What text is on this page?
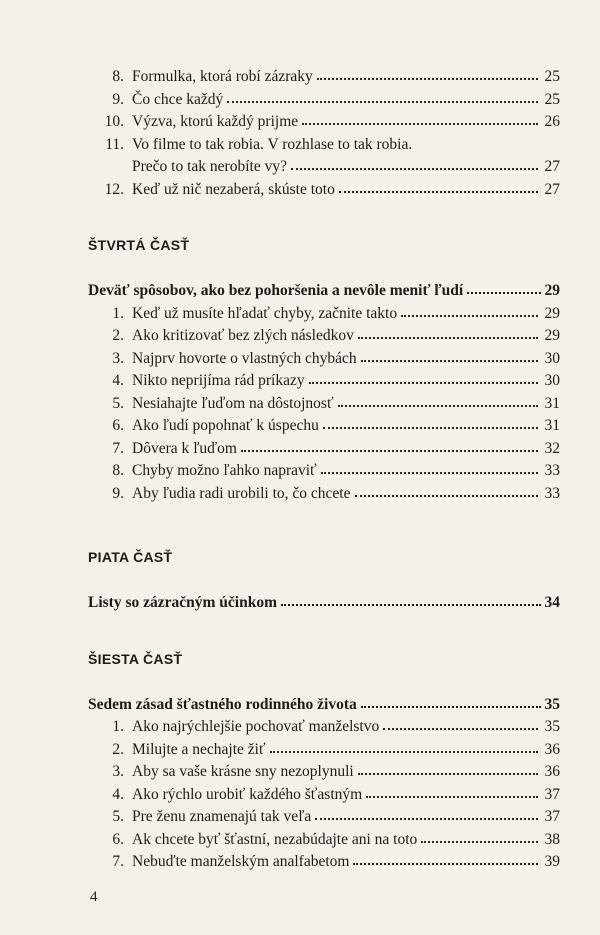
8. Formulka, ktorá robí zázraky	25
9. Čo chce každý	25
10. Výzva, ktorú každý prijme	26
11. Vo filme to tak robia. V rozhlase to tak robia.
Prečo to tak nerobíte vy?	27
12. Keď už nič nezaberá, skúste toto	27
ŠTVRTÁ ČASŤ
Deväť spôsobov, ako bez pohoršenia a nevôle meniť ľudí	29
1. Keď už musíte hľadať chyby, začnite takto	29
2. Ako kritizovať bez zlých následkov	29
3. Najprv hovorte o vlastných chybách	30
4. Nikto neprijíma rád príkazy	30
5. Nesiahajte ľuďom na dôstojnosť	31
6. Ako ľudí popohnať k úspechu	31
7. Dôvera k ľuďom	32
8. Chyby možno ľahko napraviť	33
9. Aby ľudia radi urobili to, čo chcete	33
PIATA ČASŤ
Listy so zázračným účinkom	34
ŠIESTA ČASŤ
Sedem zásad šťastného rodinného života	35
1. Ako najrýchlejšie pochovať manželstvo	35
2. Milujte a nechajte žiť	36
3. Aby sa vaše krásne sny nezoplynuli	36
4. Ako rýchlo urobiť každého šťastným	37
5. Pre ženu znamenajú tak veľa	37
6. Ak chcete byť šťastní, nezabúdajte ani na toto	38
7. Nebuďte manželským analfabetom	39
4
